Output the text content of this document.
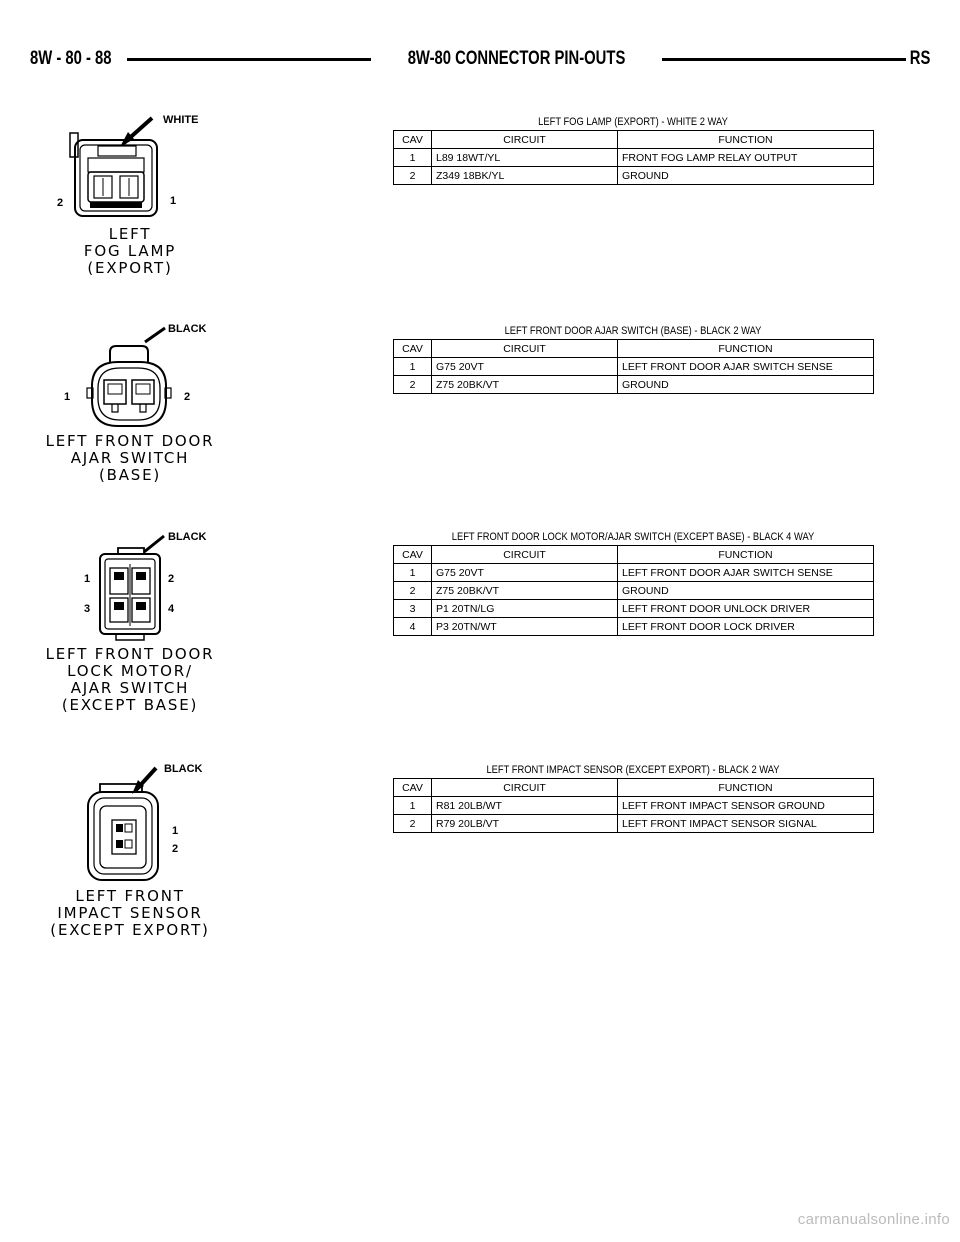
8W - 80 - 88	8W-80 CONNECTOR PIN-OUTS	RS
WHITE
2	1
LEFT
FOG LAMP
(EXPORT)
LEFT FOG LAMP (EXPORT) - WHITE 2 WAY
CAV	CIRCUIT	FUNCTION
1	L89 18WT/YL	FRONT FOG LAMP RELAY OUTPUT
2	Z349 18BK/YL	GROUND
BLACK
1	2
LEFT FRONT DOOR
AJAR SWITCH
(BASE)
LEFT FRONT DOOR AJAR SWITCH (BASE) - BLACK 2 WAY
CAV	CIRCUIT	FUNCTION
1	G75 20VT	LEFT FRONT DOOR AJAR SWITCH SENSE
2	Z75 20BK/VT	GROUND
BLACK
1	2
3	4
LEFT FRONT DOOR
LOCK MOTOR/
AJAR SWITCH
(EXCEPT BASE)
LEFT FRONT DOOR LOCK MOTOR/AJAR SWITCH (EXCEPT BASE) - BLACK 4 WAY
CAV	CIRCUIT	FUNCTION
1	G75 20VT	LEFT FRONT DOOR AJAR SWITCH SENSE
2	Z75 20BK/VT	GROUND
3	P1 20TN/LG	LEFT FRONT DOOR UNLOCK DRIVER
4	P3 20TN/WT	LEFT FRONT DOOR LOCK DRIVER
BLACK
1
2
LEFT FRONT
IMPACT SENSOR
(EXCEPT EXPORT)
LEFT FRONT IMPACT SENSOR (EXCEPT EXPORT) - BLACK 2 WAY
CAV	CIRCUIT	FUNCTION
1	R81 20LB/WT	LEFT FRONT IMPACT SENSOR GROUND
2	R79 20LB/VT	LEFT FRONT IMPACT SENSOR SIGNAL
carmanualsonline.info
